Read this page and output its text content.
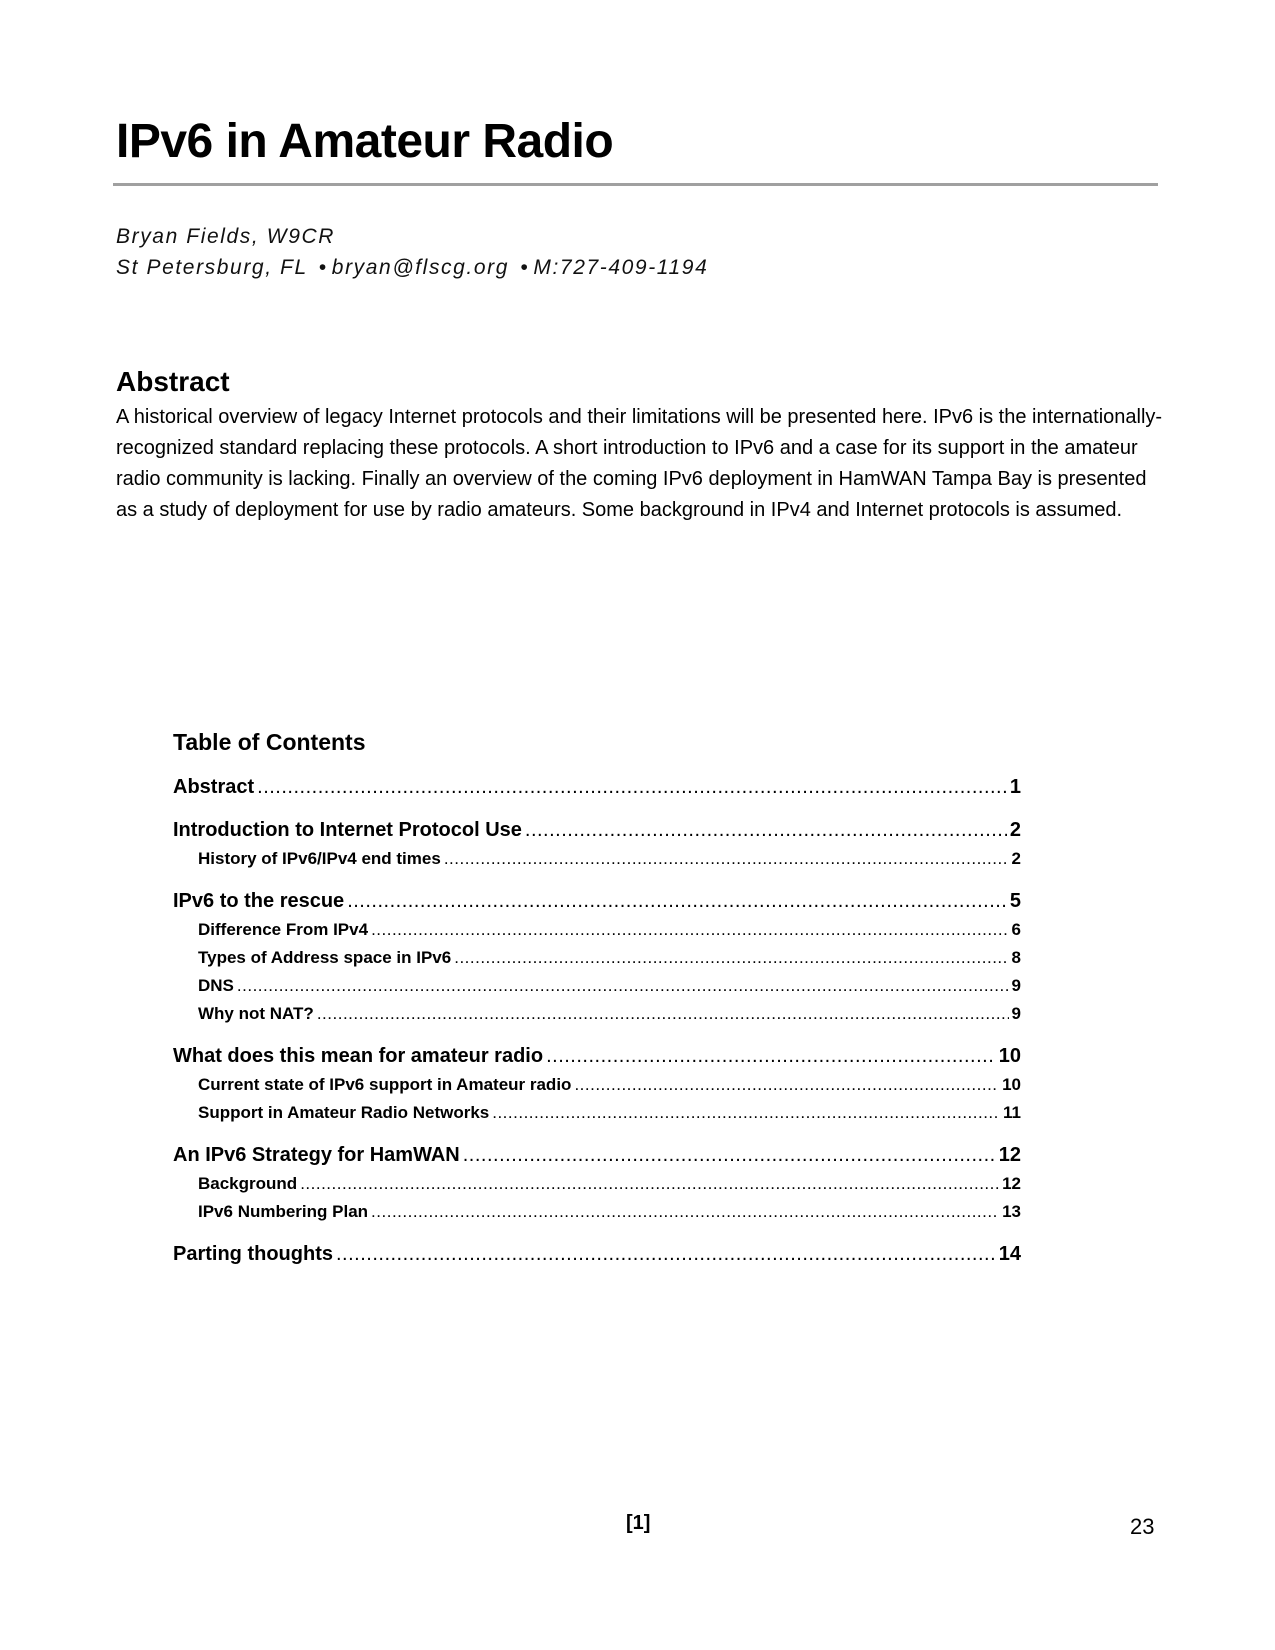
IPv6 in Amateur Radio
Bryan Fields, W9CR
St Petersburg, FL • bryan@flscg.org • M:727-409-1194
Abstract

A historical overview of legacy Internet protocols and their limitations will be presented here. IPv6 is the internationally-recognized standard replacing these protocols. A short introduction to IPv6 and a case for its support in the amateur radio community is lacking. Finally an overview of the coming IPv6 deployment in HamWAN Tampa Bay is presented as a study of deployment for use by radio amateurs. Some background in IPv4 and Internet protocols is assumed.

Table of Contents
Abstract .....	1
Introduction to Internet Protocol Use .....	2
History of IPv6/IPv4 end times .....	2
IPv6 to the rescue .....	5
Difference From IPv4 .....	6
Types of Address space in IPv6 .....	8
DNS .....	9
Why not NAT? .....	9
What does this mean for amateur radio .....	10
Current state of IPv6 support in Amateur radio .....	10
Support in Amateur Radio Networks .....	11
An IPv6 Strategy for HamWAN .....	12
Background .....	12
IPv6 Numbering Plan .....	13
Parting thoughts .....	14
[1]	23
